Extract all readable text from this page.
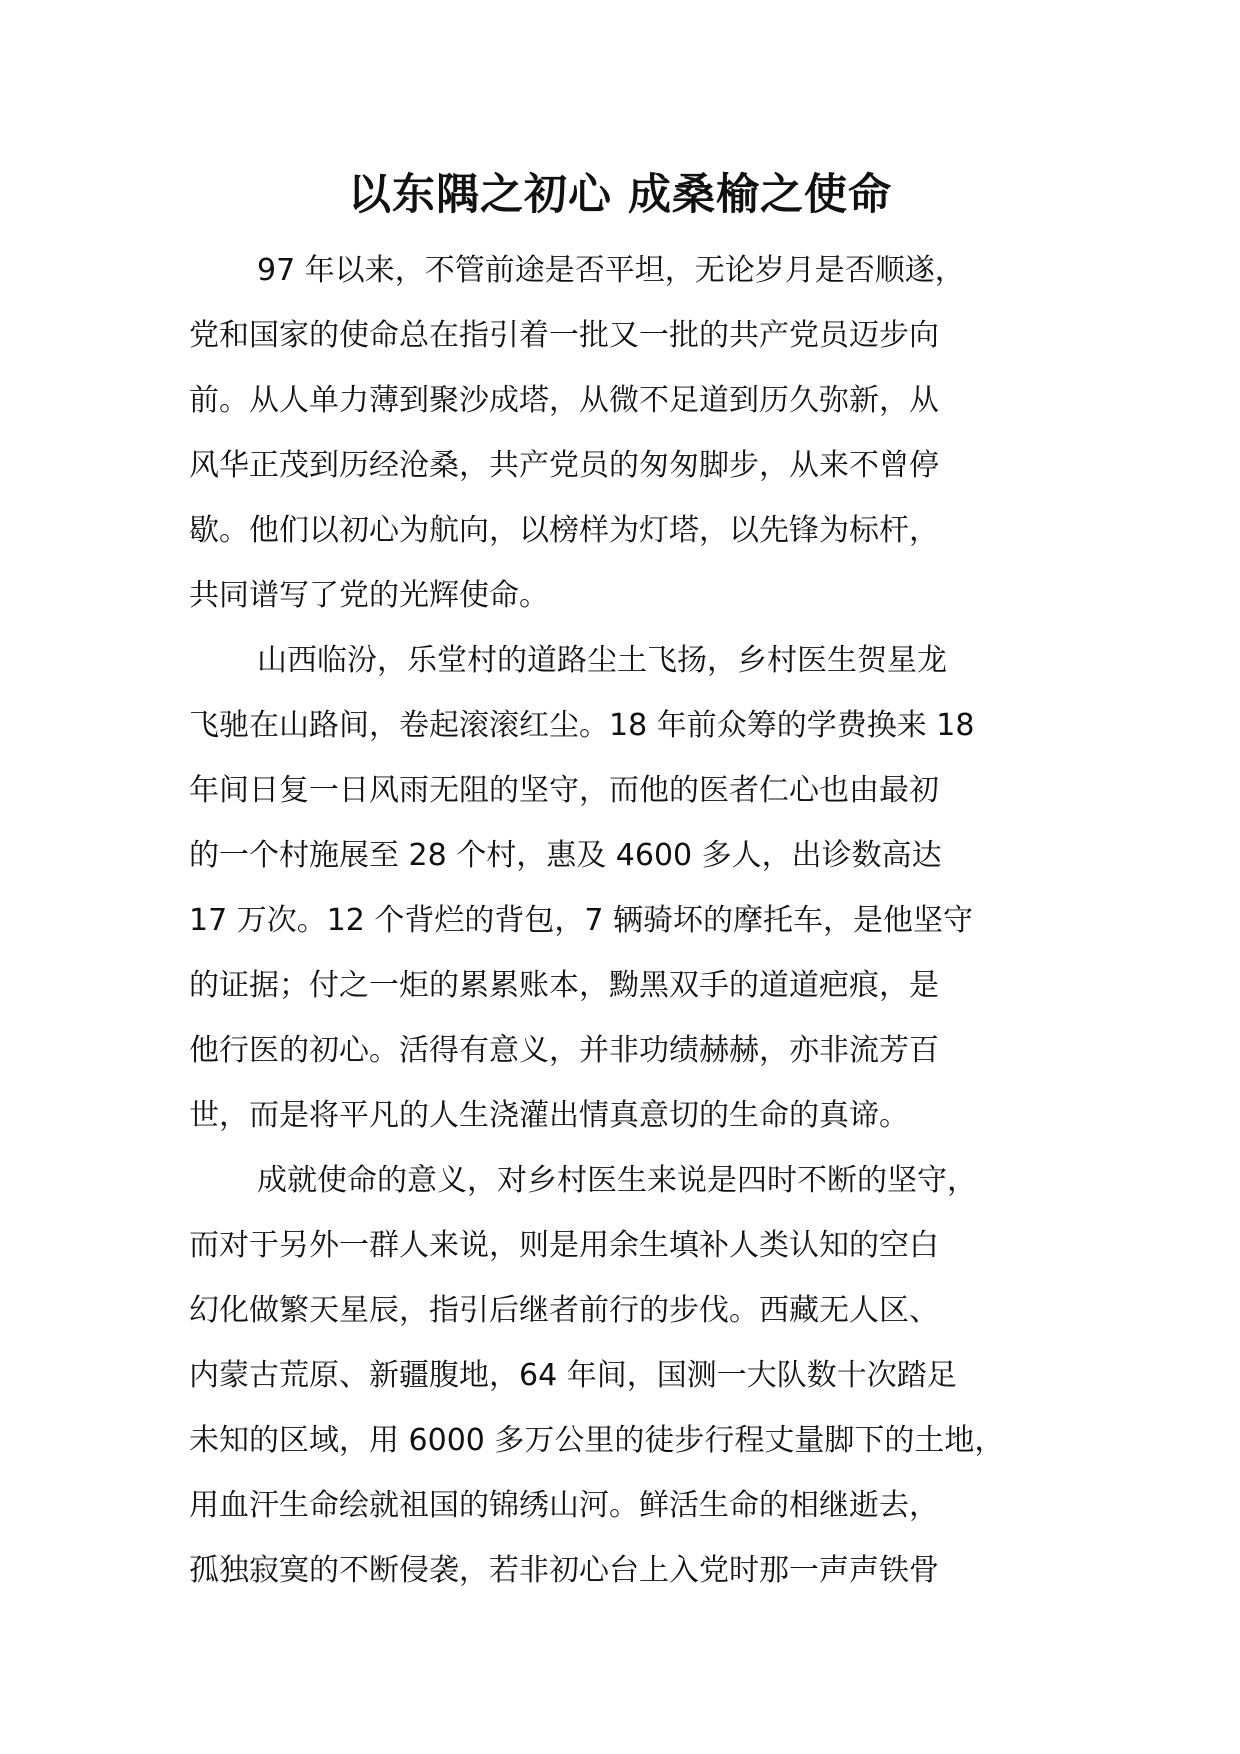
以东隅之初心 成桑榆之使命
97 年以来，不管前途是否平坦，无论岁月是否顺遂，
党和国家的使命总在指引着一批又一批的共产党员迈步向
前。从人单力薄到聚沙成塔，从微不足道到历久弥新，从
风华正茂到历经沧桑，共产党员的匆匆脚步，从来不曾停
歇。他们以初心为航向，以榜样为灯塔，以先锋为标杆，
共同谱写了党的光辉使命。
山西临汾，乐堂村的道路尘土飞扬，乡村医生贺星龙
飞驰在山路间，卷起滚滚红尘。18 年前众筹的学费换来 18
年间日复一日风雨无阻的坚守，而他的医者仁心也由最初
的一个村施展至 28 个村，惠及 4600 多人，出诊数高达
17 万次。12 个背烂的背包，7 辆骑坏的摩托车，是他坚守
的证据；付之一炬的累累账本，黝黑双手的道道疤痕，是
他行医的初心。活得有意义，并非功绩赫赫，亦非流芳百
世，而是将平凡的人生浇灌出情真意切的生命的真谛。
成就使命的意义，对乡村医生来说是四时不断的坚守，
而对于另外一群人来说，则是用余生填补人类认知的空白
幻化做繁天星辰，指引后继者前行的步伐。西藏无人区、
内蒙古荒原、新疆腹地，64 年间，国测一大队数十次踏足
未知的区域，用 6000 多万公里的徒步行程丈量脚下的土地，
用血汗生命绘就祖国的锦绣山河。鲜活生命的相继逝去，
孤独寂寞的不断侵袭，若非初心台上入党时那一声声铁骨
